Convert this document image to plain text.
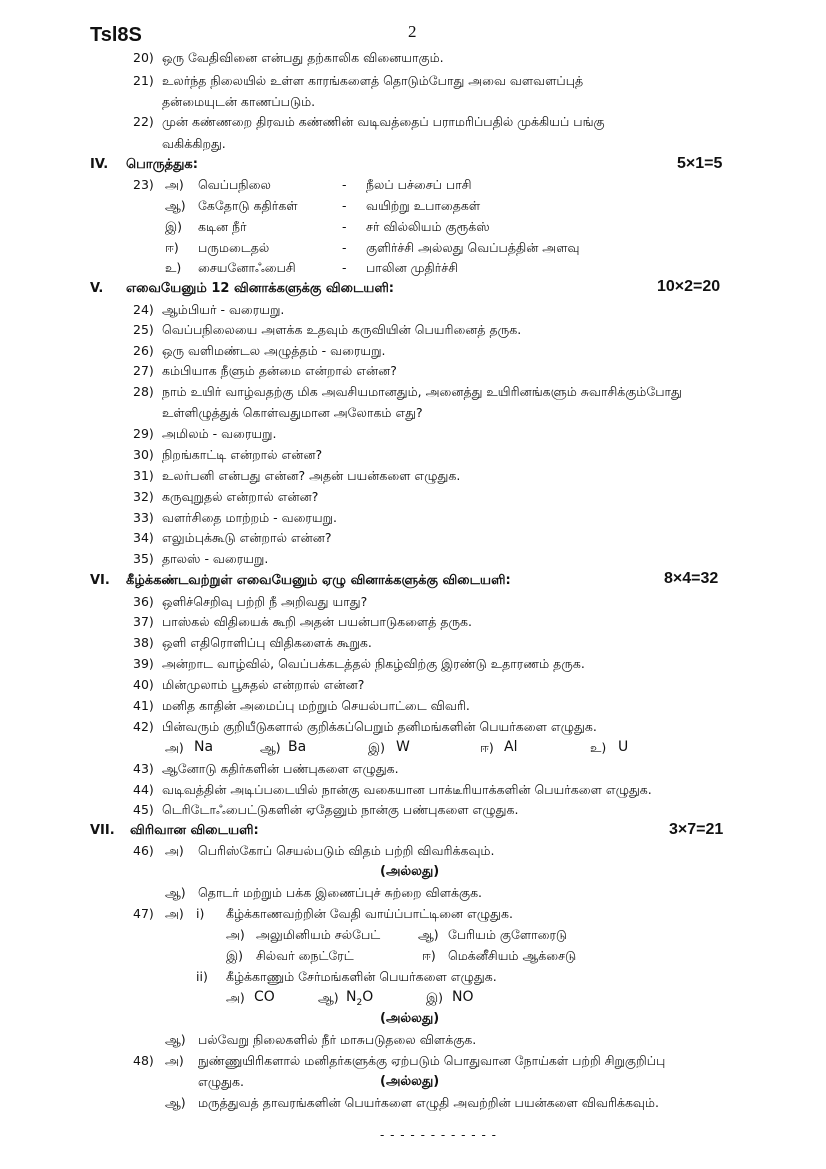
Tsl8S	2
20) ஒரு வேதிவினை என்பது தற்காலிக வினையாகும்.
21) உலர்ந்த நிலையில் உள்ள காரங்களைத் தொடும்போது அவை வளவளப்புத்
தன்மையுடன் காணப்படும்.
22) முன் கண்ணறை திரவம் கண்ணின் வடிவத்தைப் பராமரிப்பதில் முக்கியப் பங்கு
வகிக்கிறது.
IV. பொருத்துக:	5×1=5
23) அ) வெப்பநிலை	- நீலப் பச்சைப் பாசி
ஆ) கேதோடு கதிர்கள்	- வயிற்று உபாதைகள்
இ) கடின நீர்	- சர் வில்லியம் குரூக்ஸ்
ஈ) பருமடைதல்	- குளிர்ச்சி அல்லது வெப்பத்தின் அளவு
உ) சையனோஃபைசி	- பாலின முதிர்ச்சி
V. எவையேனும் 12 வினாக்களுக்கு விடையளி:	10×2=20
24) ஆம்பியர் - வரையறு.
25) வெப்பநிலையை அளக்க உதவும் கருவியின் பெயரினைத் தருக.
26) ஒரு வளிமண்டல அழுத்தம் - வரையறு.
27) கம்பியாக நீளும் தன்மை என்றால் என்ன?
28) நாம் உயிர் வாழ்வதற்கு மிக அவசியமானதும், அனைத்து உயிரினங்களும் சுவாசிக்கும்போது
உள்ளிழுத்துக் கொள்வதுமான அலோகம் எது?
29) அமிலம் - வரையறு.
30) நிறங்காட்டி என்றால் என்ன?
31) உலர்பனி என்பது என்ன? அதன் பயன்களை எழுதுக.
32) கருவுறுதல் என்றால் என்ன?
33) வளர்சிதை மாற்றம் - வரையறு.
34) எலும்புக்கூடு என்றால் என்ன?
35) தாலஸ் - வரையறு.
VI. கீழ்க்கண்டவற்றுள் எவையேனும் ஏழு வினாக்களுக்கு விடையளி:	8×4=32
36) ஒளிச்செறிவு பற்றி நீ அறிவது யாது?
37) பாஸ்கல் விதியைக் கூறி அதன் பயன்பாடுகளைத் தருக.
38) ஒளி எதிரொளிப்பு விதிகளைக் கூறுக.
39) அன்றாட வாழ்வில், வெப்பக்கடத்தல் நிகழ்விற்கு இரண்டு உதாரணம் தருக.
40) மின்முலாம் பூசுதல் என்றால் என்ன?
41) மனித காதின் அமைப்பு மற்றும் செயல்பாட்டை விவரி.
42) பின்வரும் குறியீடுகளால் குறிக்கப்பெறும் தனிமங்களின் பெயர்களை எழுதுக.
அ) Na	ஆ) Ba	இ) W	ஈ) Al	உ) U
43) ஆனோடு கதிர்களின் பண்புகளை எழுதுக.
44) வடிவத்தின் அடிப்படையில் நான்கு வகையான பாக்டீரியாக்களின் பெயர்களை எழுதுக.
45) டெரிடோஃபைட்டுகளின் ஏதேனும் நான்கு பண்புகளை எழுதுக.
VII. விரிவான விடையளி:	3×7=21
46) அ) பெரிஸ்கோப் செயல்படும் விதம் பற்றி விவரிக்கவும்.
(அல்லது)
ஆ) தொடர் மற்றும் பக்க இணைப்புச் சுற்றை விளக்குக.
47) அ) i) கீழ்க்காணவற்றின் வேதி வாய்ப்பாட்டினை எழுதுக.
அ) அலுமினியம் சல்பேட்	ஆ) பேரியம் குளோரைடு
இ) சில்வர் நைட்ரேட்	ஈ) மெக்னீசியம் ஆக்சைடு
ii) கீழ்க்காணும் சேர்மங்களின் பெயர்களை எழுதுக.
அ) CO	ஆ) $N_2O$	இ) NO
(அல்லது)
ஆ) பல்வேறு நிலைகளில் நீர் மாசுபடுதலை விளக்குக.
48) அ) நுண்ணுயிரிகளால் மனிதர்களுக்கு ஏற்படும் பொதுவான நோய்கள் பற்றி சிறுகுறிப்பு
எழுதுக.	(அல்லது)
ஆ) மருத்துவத் தாவரங்களின் பெயர்களை எழுதி அவற்றின் பயன்களை விவரிக்கவும்.
- - - - - - - - - - - -
